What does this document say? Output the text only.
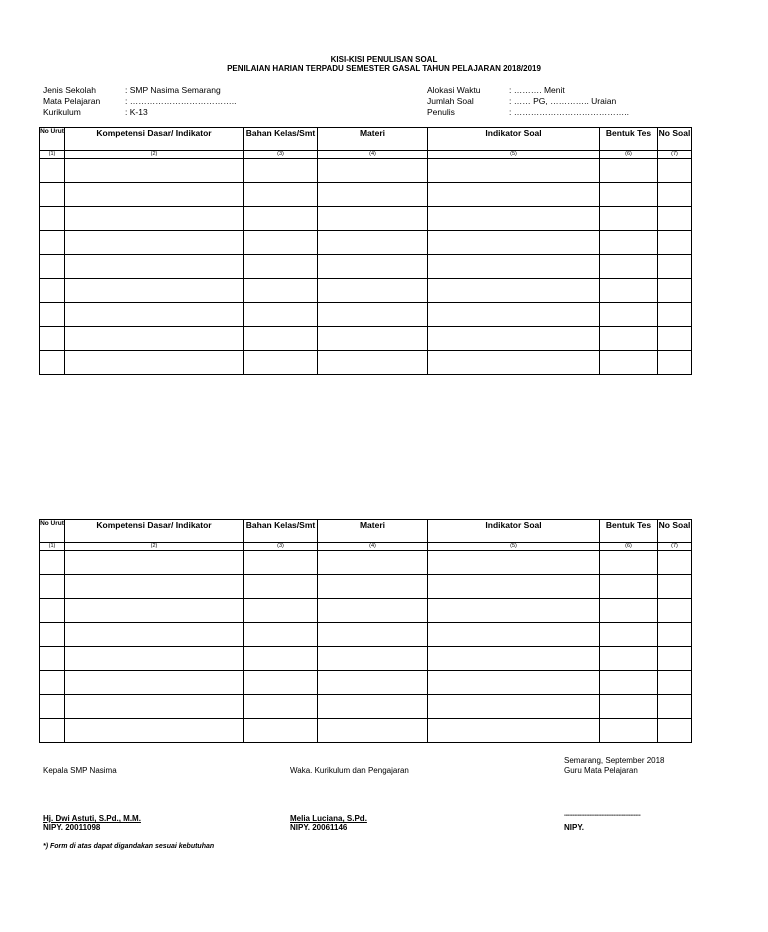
KISI-KISI PENULISAN SOAL
PENILAIAN HARIAN TERPADU SEMESTER GASAL TAHUN PELAJARAN 2018/2019
Jenis Sekolah	: SMP Nasima Semarang
Mata Pelajaran	: ………………………………..
Kurikulum	: K-13
Alokasi Waktu	: ………. Menit
Jumlah Soal	: …… PG, ………….. Uraian
Penulis	: …………………………………..
No Urut	Kompetensi Dasar/ Indikator	Bahan Kelas/Smt	Materi	Indikator Soal	Bentuk Tes	No Soal
(1)	(2)	(3)	(4)	(5)	(6)	(7)

No Urut	Kompetensi Dasar/ Indikator	Bahan Kelas/Smt	Materi	Indikator Soal	Bentuk Tes	No Soal
(1)	(2)	(3)	(4)	(5)	(6)	(7)

Semarang, September 2018
Kepala SMP Nasima	Waka. Kurikulum dan Pengajaran	Guru Mata Pelajaran
Hj. Dwi Astuti, S.Pd., M.M.
NIPY. 20011098
Melia Luciana, S.Pd.
NIPY. 20061146
---------------------------------------------
NIPY.
*) Form di atas dapat digandakan sesuai kebutuhan
